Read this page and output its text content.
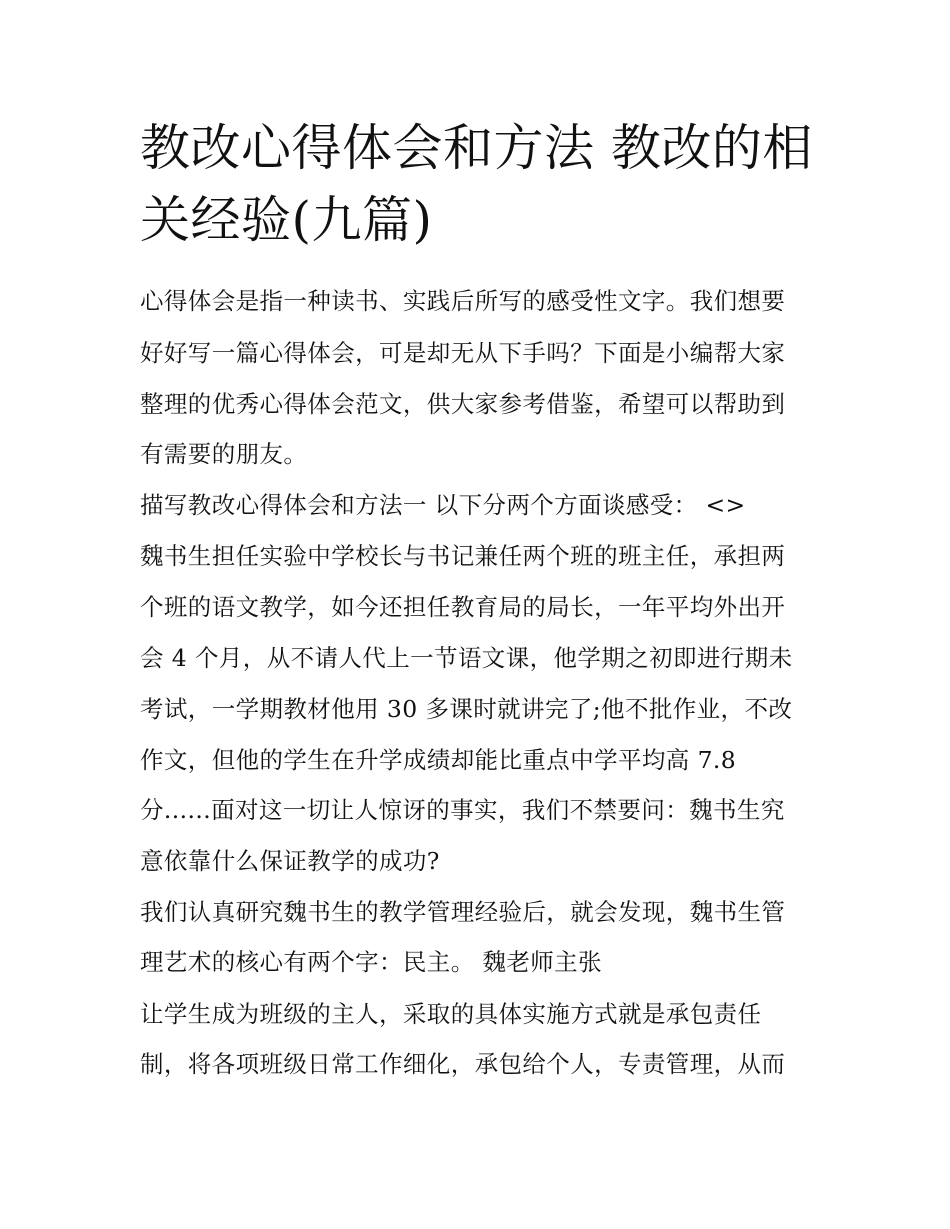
教改心得体会和方法 教改的相
关经验(九篇)
心得体会是指一种读书、实践后所写的感受性文字。我们想要
好好写一篇心得体会，可是却无从下手吗？下面是小编帮大家
整理的优秀心得体会范文，供大家参考借鉴，希望可以帮助到
有需要的朋友。
描写教改心得体会和方法一 以下分两个方面谈感受： <>
魏书生担任实验中学校长与书记兼任两个班的班主任，承担两
个班的语文教学，如今还担任教育局的局长，一年平均外出开
会 4 个月，从不请人代上一节语文课，他学期之初即进行期未
考试，一学期教材他用 30 多课时就讲完了;他不批作业，不改
作文，但他的学生在升学成绩却能比重点中学平均高 7.8
分......面对这一切让人惊讶的事实，我们不禁要问：魏书生究
意依靠什么保证教学的成功?
我们认真研究魏书生的教学管理经验后，就会发现，魏书生管
理艺术的核心有两个字：民主。 魏老师主张
让学生成为班级的主人，采取的具体实施方式就是承包责任
制，将各项班级日常工作细化，承包给个人，专责管理，从而
